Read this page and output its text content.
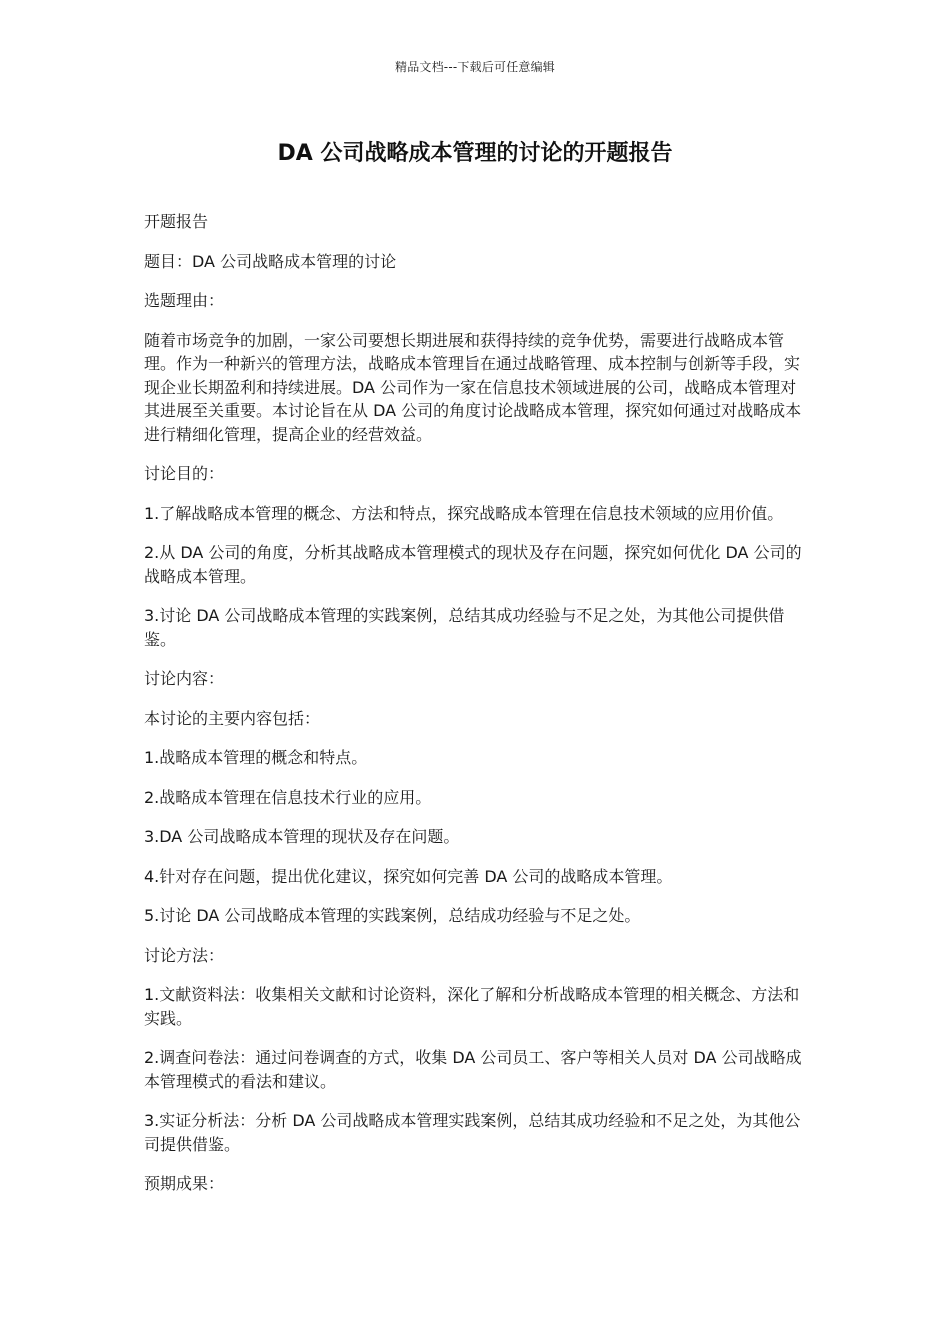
精品文档---下载后可任意编辑
DA 公司战略成本管理的讨论的开题报告

开题报告

题目：DA 公司战略成本管理的讨论

选题理由：

随着市场竞争的加剧，一家公司要想长期进展和获得持续的竞争优势，需要进行战略成本管理。作为一种新兴的管理方法，战略成本管理旨在通过战略管理、成本控制与创新等手段，实现企业长期盈利和持续进展。DA 公司作为一家在信息技术领域进展的公司，战略成本管理对其进展至关重要。本讨论旨在从 DA 公司的角度讨论战略成本管理，探究如何通过对战略成本进行精细化管理，提高企业的经营效益。

讨论目的：

1.了解战略成本管理的概念、方法和特点，探究战略成本管理在信息技术领域的应用价值。

2.从 DA 公司的角度，分析其战略成本管理模式的现状及存在问题，探究如何优化 DA 公司的战略成本管理。

3.讨论 DA 公司战略成本管理的实践案例，总结其成功经验与不足之处，为其他公司提供借鉴。

讨论内容：

本讨论的主要内容包括：

1.战略成本管理的概念和特点。

2.战略成本管理在信息技术行业的应用。

3.DA 公司战略成本管理的现状及存在问题。

4.针对存在问题，提出优化建议，探究如何完善 DA 公司的战略成本管理。

5.讨论 DA 公司战略成本管理的实践案例，总结成功经验与不足之处。

讨论方法：

1.文献资料法：收集相关文献和讨论资料，深化了解和分析战略成本管理的相关概念、方法和实践。

2.调查问卷法：通过问卷调查的方式，收集 DA 公司员工、客户等相关人员对 DA 公司战略成本管理模式的看法和建议。

3.实证分析法：分析 DA 公司战略成本管理实践案例，总结其成功经验和不足之处，为其他公司提供借鉴。

预期成果：
